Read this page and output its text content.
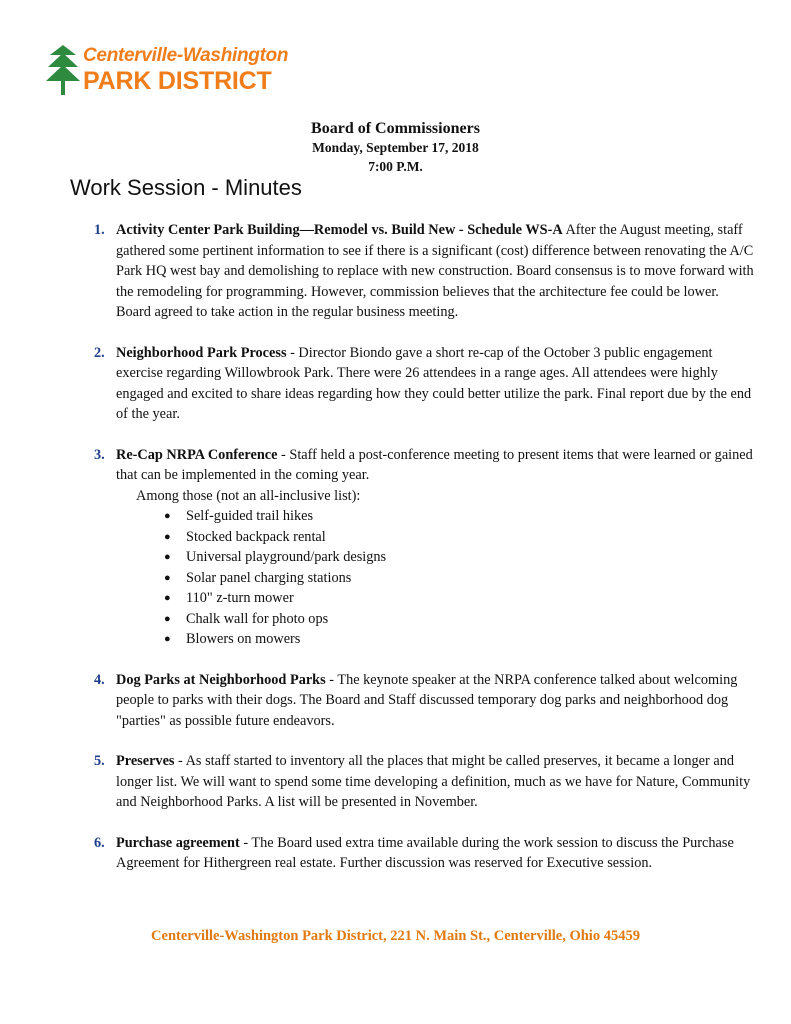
Centerville-Washington
PARK DISTRICT
Board of Commissioners
Monday, September 17, 2018
7:00 P.M.
Work Session - Minutes
1. Activity Center Park Building—Remodel vs. Build New - Schedule WS-A After the August meeting, staff gathered some pertinent information to see if there is a significant (cost) difference between renovating the A/C Park HQ west bay and demolishing to replace with new construction. Board consensus is to move forward with the remodeling for programming. However, commission believes that the architecture fee could be lower. Board agreed to take action in the regular business meeting.
2. Neighborhood Park Process - Director Biondo gave a short re-cap of the October 3 public engagement exercise regarding Willowbrook Park. There were 26 attendees in a range ages. All attendees were highly engaged and excited to share ideas regarding how they could better utilize the park. Final report due by the end of the year.
3. Re-Cap NRPA Conference - Staff held a post-conference meeting to present items that were learned or gained that can be implemented in the coming year.
Among those (not an all-inclusive list):
● Self-guided trail hikes
● Stocked backpack rental
● Universal playground/park designs
● Solar panel charging stations
● 110" z-turn mower
● Chalk wall for photo ops
● Blowers on mowers
4. Dog Parks at Neighborhood Parks - The keynote speaker at the NRPA conference talked about welcoming people to parks with their dogs. The Board and Staff discussed temporary dog parks and neighborhood dog "parties" as possible future endeavors.
5. Preserves - As staff started to inventory all the places that might be called preserves, it became a longer and longer list. We will want to spend some time developing a definition, much as we have for Nature, Community and Neighborhood Parks. A list will be presented in November.
6. Purchase agreement - The Board used extra time available during the work session to discuss the Purchase Agreement for Hithergreen real estate. Further discussion was reserved for Executive session.
Centerville-Washington Park District, 221 N. Main St., Centerville, Ohio 45459
